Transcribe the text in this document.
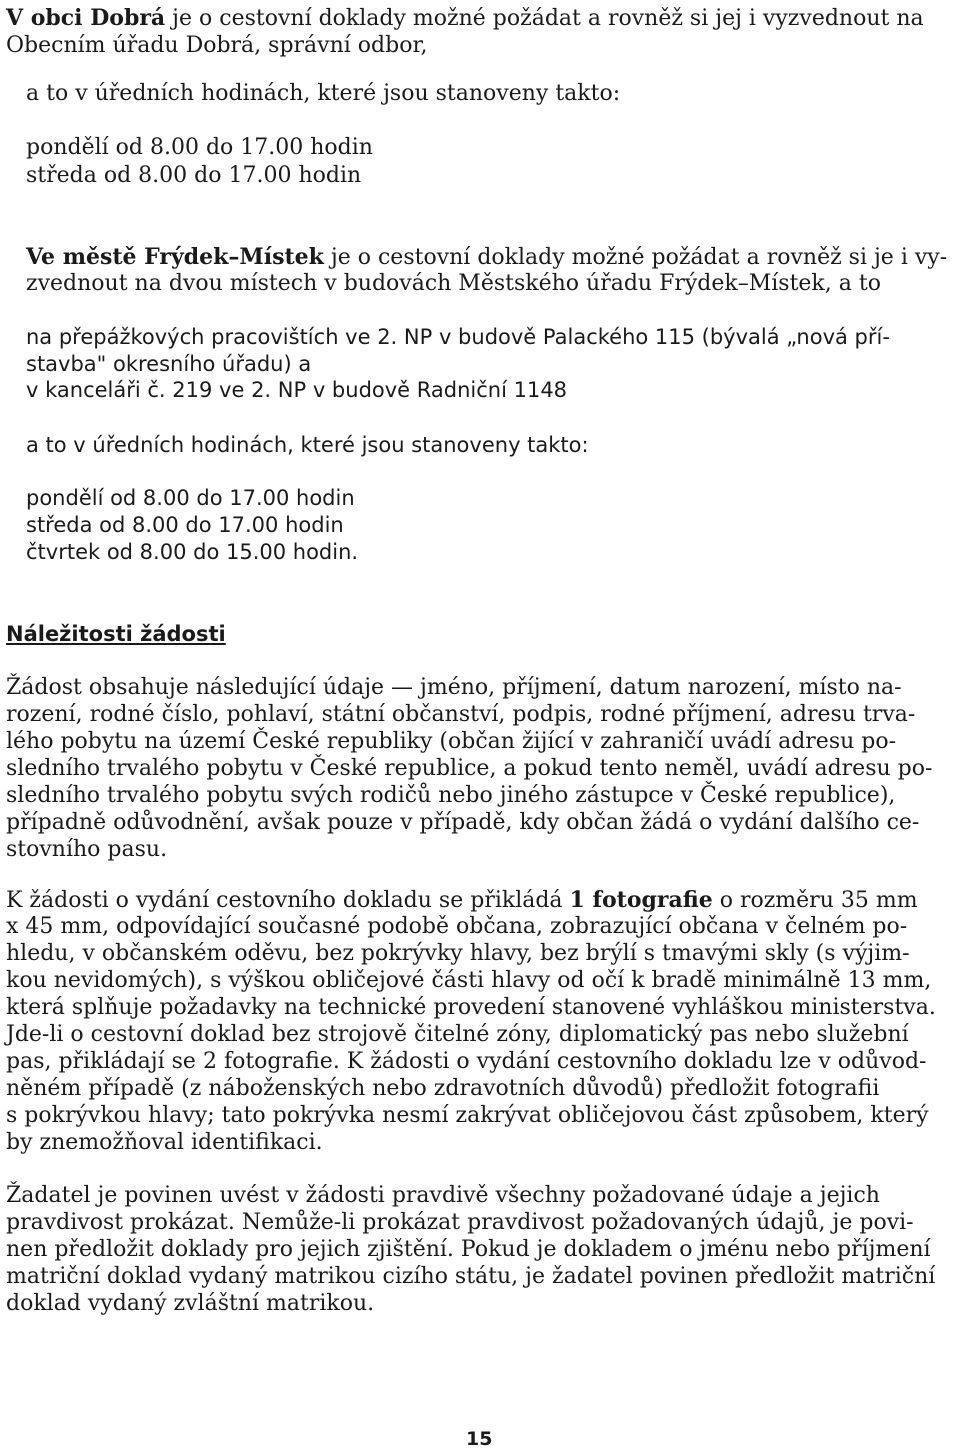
V obci Dobrá je o cestovní doklady možné požádat a rovněž si jej i vyzvednout na
Obecním úřadu Dobrá, správní odbor,
a to v úředních hodinách, které jsou stanoveny takto:
pondělí od 8.00 do 17.00 hodin
středa od 8.00 do 17.00 hodin
Ve městě Frýdek–Místek je o cestovní doklady možné požádat a rovněž si je i vy-
zvednout na dvou místech v budovách Městského úřadu Frýdek–Místek, a to
na přepážkových pracovištích ve 2. NP v budově Palackého 115 (bývalá „nová pří-
stavba" okresního úřadu) a
v kanceláři č. 219 ve 2. NP v budově Radniční 1148
a to v úředních hodinách, které jsou stanoveny takto:
pondělí od 8.00 do 17.00 hodin
středa od 8.00 do 17.00 hodin
čtvrtek od 8.00 do 15.00 hodin.
Náležitosti žádosti
Žádost obsahuje následující údaje — jméno, příjmení, datum narození, místo na-
rození, rodné číslo, pohlaví, státní občanství, podpis, rodné příjmení, adresu trva-
lého pobytu na území České republiky (občan žijící v zahraničí uvádí adresu po-
sledního trvalého pobytu v České republice, a pokud tento neměl, uvádí adresu po-
sledního trvalého pobytu svých rodičů nebo jiného zástupce v České republice),
případně odůvodnění, avšak pouze v případě, kdy občan žádá o vydání dalšího ce-
stovního pasu.
K žádosti o vydání cestovního dokladu se přikládá 1 fotografie o rozměru 35 mm
x 45 mm, odpovídající současné podobě občana, zobrazující občana v čelném po-
hledu, v občanském oděvu, bez pokrývky hlavy, bez brýlí s tmavými skly (s výjim-
kou nevidomých), s výškou obličejové části hlavy od očí k bradě minimálně 13 mm,
která splňuje požadavky na technické provedení stanovené vyhláškou ministerstva.
Jde-li o cestovní doklad bez strojově čitelné zóny, diplomatický pas nebo služební
pas, přikládají se 2 fotografie. K žádosti o vydání cestovního dokladu lze v odůvod-
něném případě (z náboženských nebo zdravotních důvodů) předložit fotografii
s pokrývkou hlavy; tato pokrývka nesmí zakrývat obličejovou část způsobem, který
by znemožňoval identifikaci.
Žadatel je povinen uvést v žádosti pravdivě všechny požadované údaje a jejich
pravdivost prokázat. Nemůže-li prokázat pravdivost požadovaných údajů, je povi-
nen předložit doklady pro jejich zjištění. Pokud je dokladem o jménu nebo příjmení
matriční doklad vydaný matrikou cizího státu, je žadatel povinen předložit matriční
doklad vydaný zvláštní matrikou.
15
